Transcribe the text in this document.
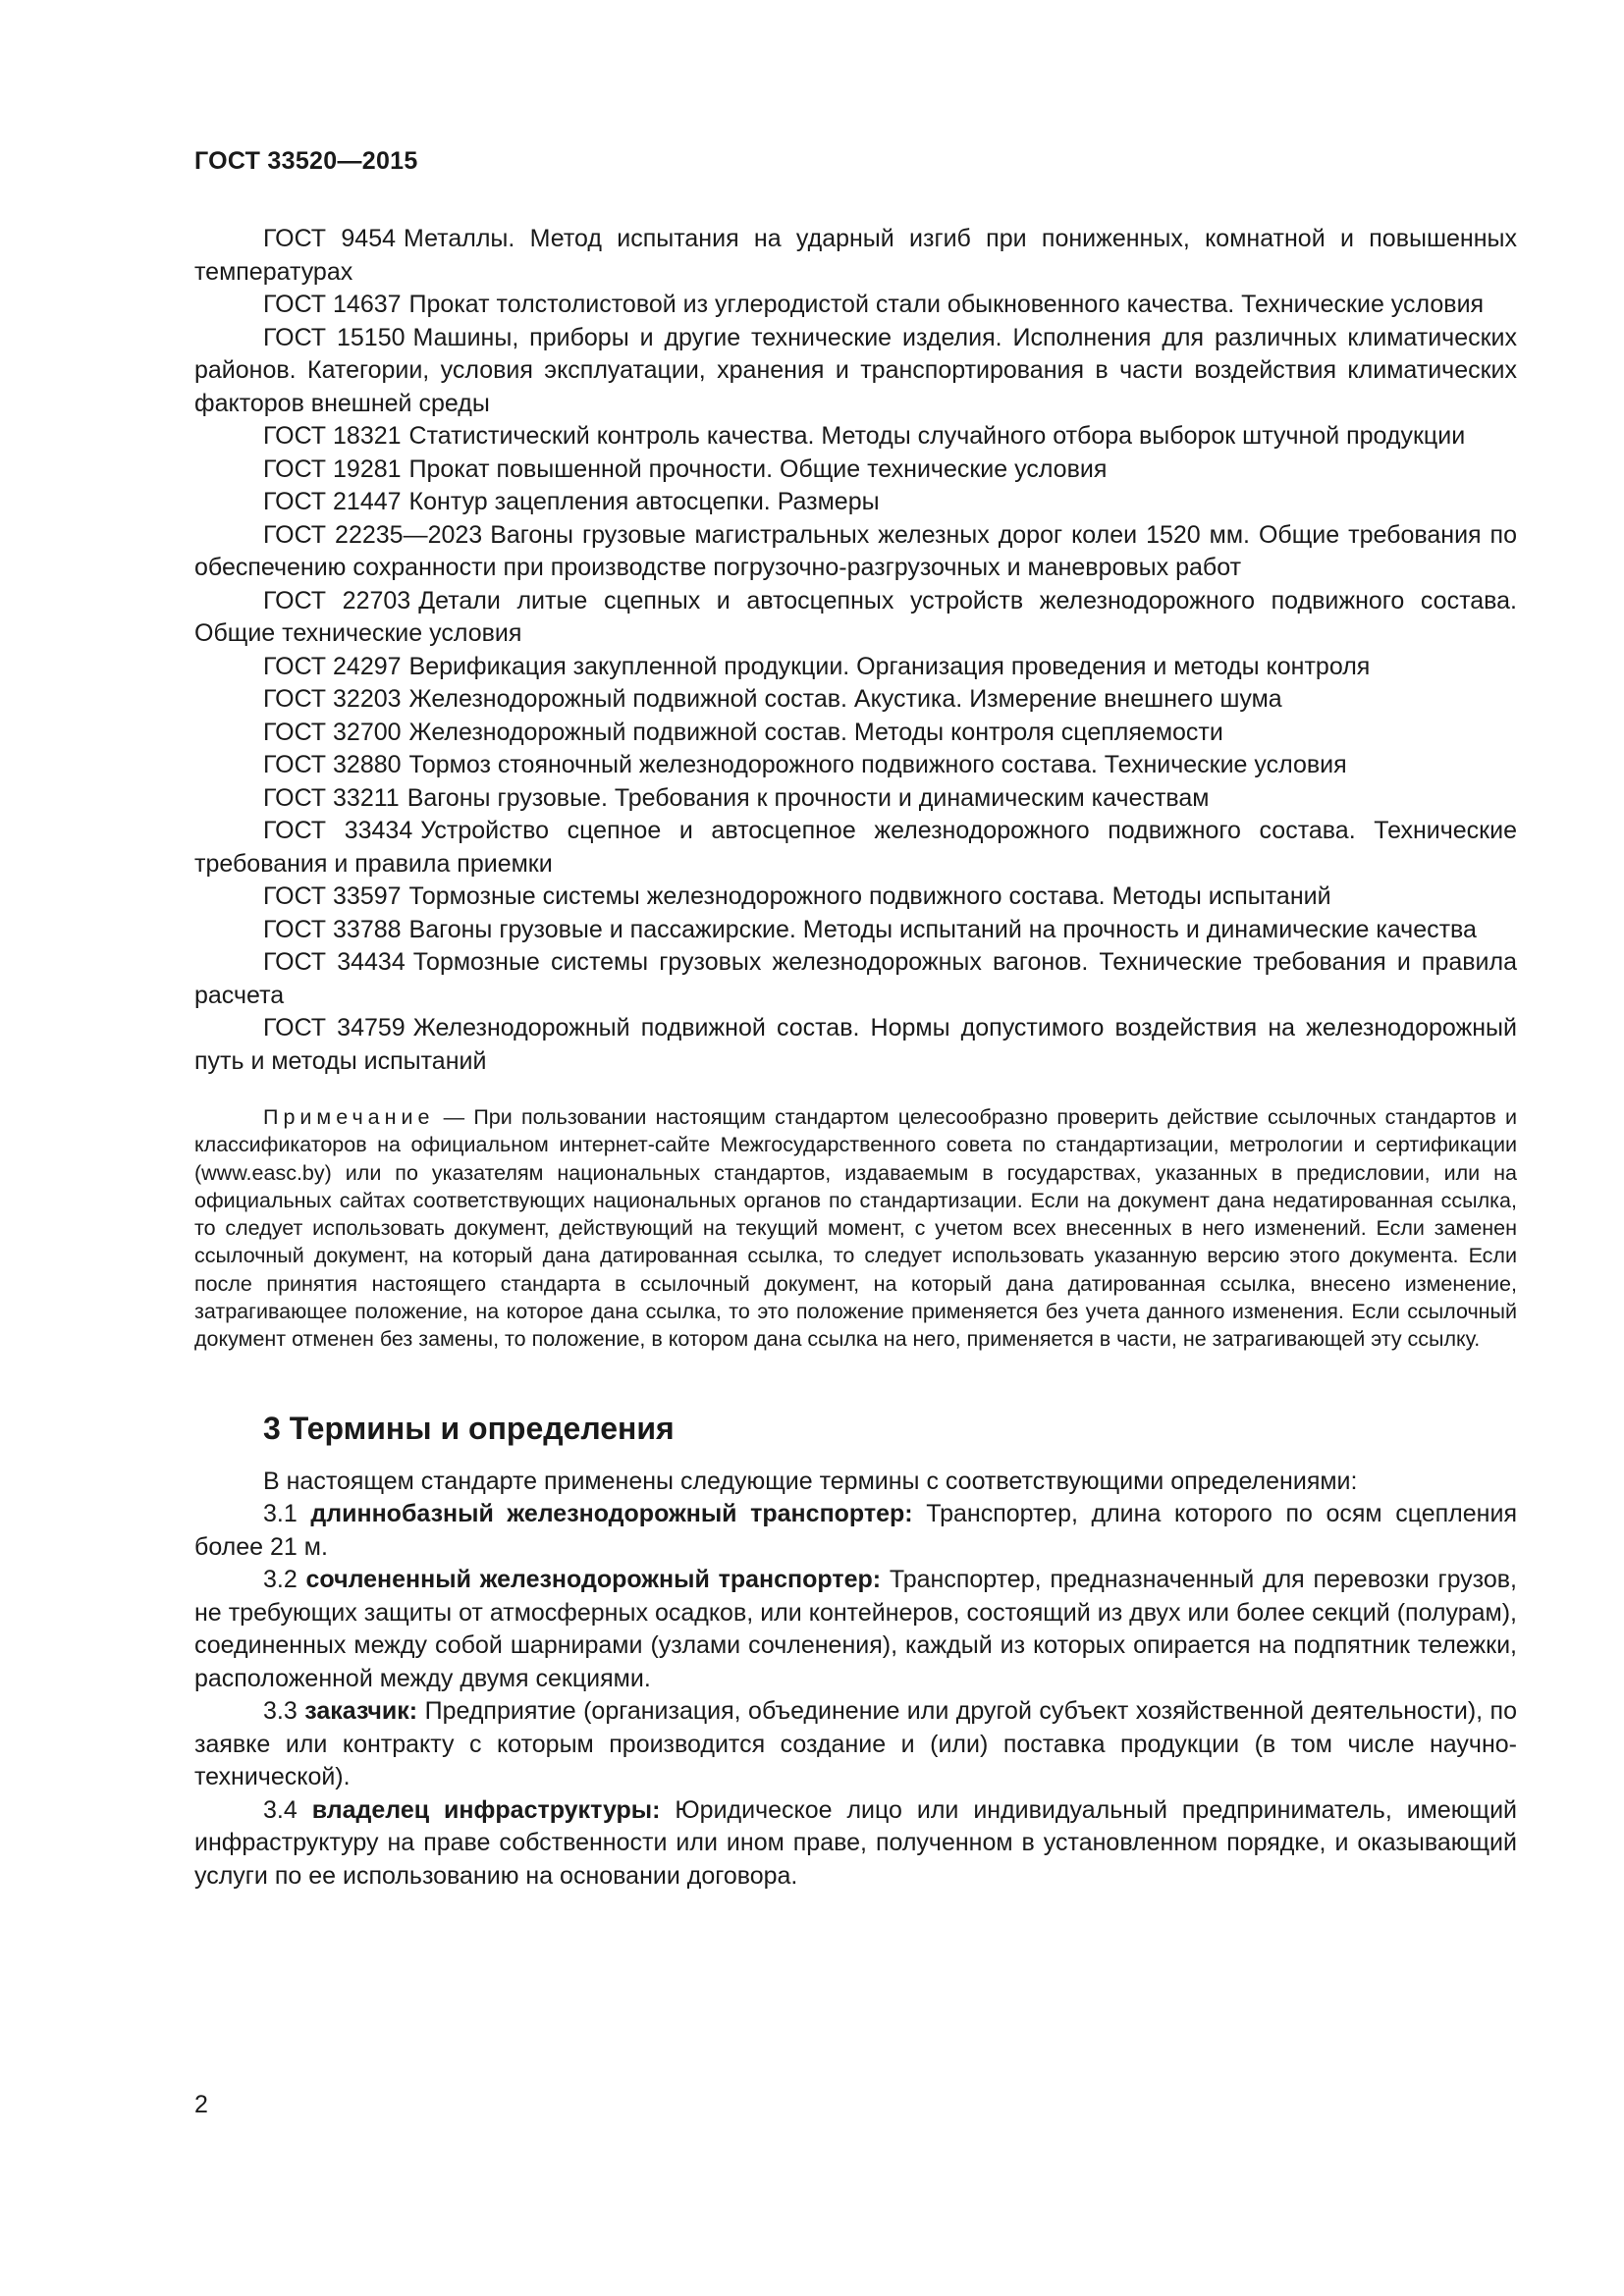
ГОСТ 33520—2015

ГОСТ 9454 Металлы. Метод испытания на ударный изгиб при пониженных, комнатной и повышенных температурах

ГОСТ 14637 Прокат толстолистовой из углеродистой стали обыкновенного качества. Технические условия

ГОСТ 15150 Машины, приборы и другие технические изделия. Исполнения для различных климатических районов. Категории, условия эксплуатации, хранения и транспортирования в части воздействия климатических факторов внешней среды

ГОСТ 18321 Статистический контроль качества. Методы случайного отбора выборок штучной продукции

ГОСТ 19281 Прокат повышенной прочности. Общие технические условия

ГОСТ 21447 Контур зацепления автосцепки. Размеры

ГОСТ 22235—2023 Вагоны грузовые магистральных железных дорог колеи 1520 мм. Общие требования по обеспечению сохранности при производстве погрузочно-разгрузочных и маневровых работ

ГОСТ 22703 Детали литые сцепных и автосцепных устройств железнодорожного подвижного состава. Общие технические условия

ГОСТ 24297 Верификация закупленной продукции. Организация проведения и методы контроля

ГОСТ 32203 Железнодорожный подвижной состав. Акустика. Измерение внешнего шума

ГОСТ 32700 Железнодорожный подвижной состав. Методы контроля сцепляемости

ГОСТ 32880 Тормоз стояночный железнодорожного подвижного состава. Технические условия

ГОСТ 33211 Вагоны грузовые. Требования к прочности и динамическим качествам

ГОСТ 33434 Устройство сцепное и автосцепное железнодорожного подвижного состава. Технические требования и правила приемки

ГОСТ 33597 Тормозные системы железнодорожного подвижного состава. Методы испытаний

ГОСТ 33788 Вагоны грузовые и пассажирские. Методы испытаний на прочность и динамические качества

ГОСТ 34434 Тормозные системы грузовых железнодорожных вагонов. Технические требования и правила расчета

ГОСТ 34759 Железнодорожный подвижной состав. Нормы допустимого воздействия на железнодорожный путь и методы испытаний

Примечание — При пользовании настоящим стандартом целесообразно проверить действие ссылочных стандартов и классификаторов на официальном интернет-сайте Межгосударственного совета по стандартизации, метрологии и сертификации (www.easc.by) или по указателям национальных стандартов, издаваемым в государствах, указанных в предисловии, или на официальных сайтах соответствующих национальных органов по стандартизации. Если на документ дана недатированная ссылка, то следует использовать документ, действующий на текущий момент, с учетом всех внесенных в него изменений. Если заменен ссылочный документ, на который дана датированная ссылка, то следует использовать указанную версию этого документа. Если после принятия настоящего стандарта в ссылочный документ, на который дана датированная ссылка, внесено изменение, затрагивающее положение, на которое дана ссылка, то это положение применяется без учета данного изменения. Если ссылочный документ отменен без замены, то положение, в котором дана ссылка на него, применяется в части, не затрагивающей эту ссылку.

3 Термины и определения

В настоящем стандарте применены следующие термины с соответствующими определениями:

3.1 длиннобазный железнодорожный транспортер: Транспортер, длина которого по осям сцепления более 21 м.

3.2 сочлененный железнодорожный транспортер: Транспортер, предназначенный для перевозки грузов, не требующих защиты от атмосферных осадков, или контейнеров, состоящий из двух или более секций (полурам), соединенных между собой шарнирами (узлами сочленения), каждый из которых опирается на подпятник тележки, расположенной между двумя секциями.

3.3 заказчик: Предприятие (организация, объединение или другой субъект хозяйственной деятельности), по заявке или контракту с которым производится создание и (или) поставка продукции (в том числе научно-технической).

3.4 владелец инфраструктуры: Юридическое лицо или индивидуальный предприниматель, имеющий инфраструктуру на праве собственности или ином праве, полученном в установленном порядке, и оказывающий услуги по ее использованию на основании договора.

2
